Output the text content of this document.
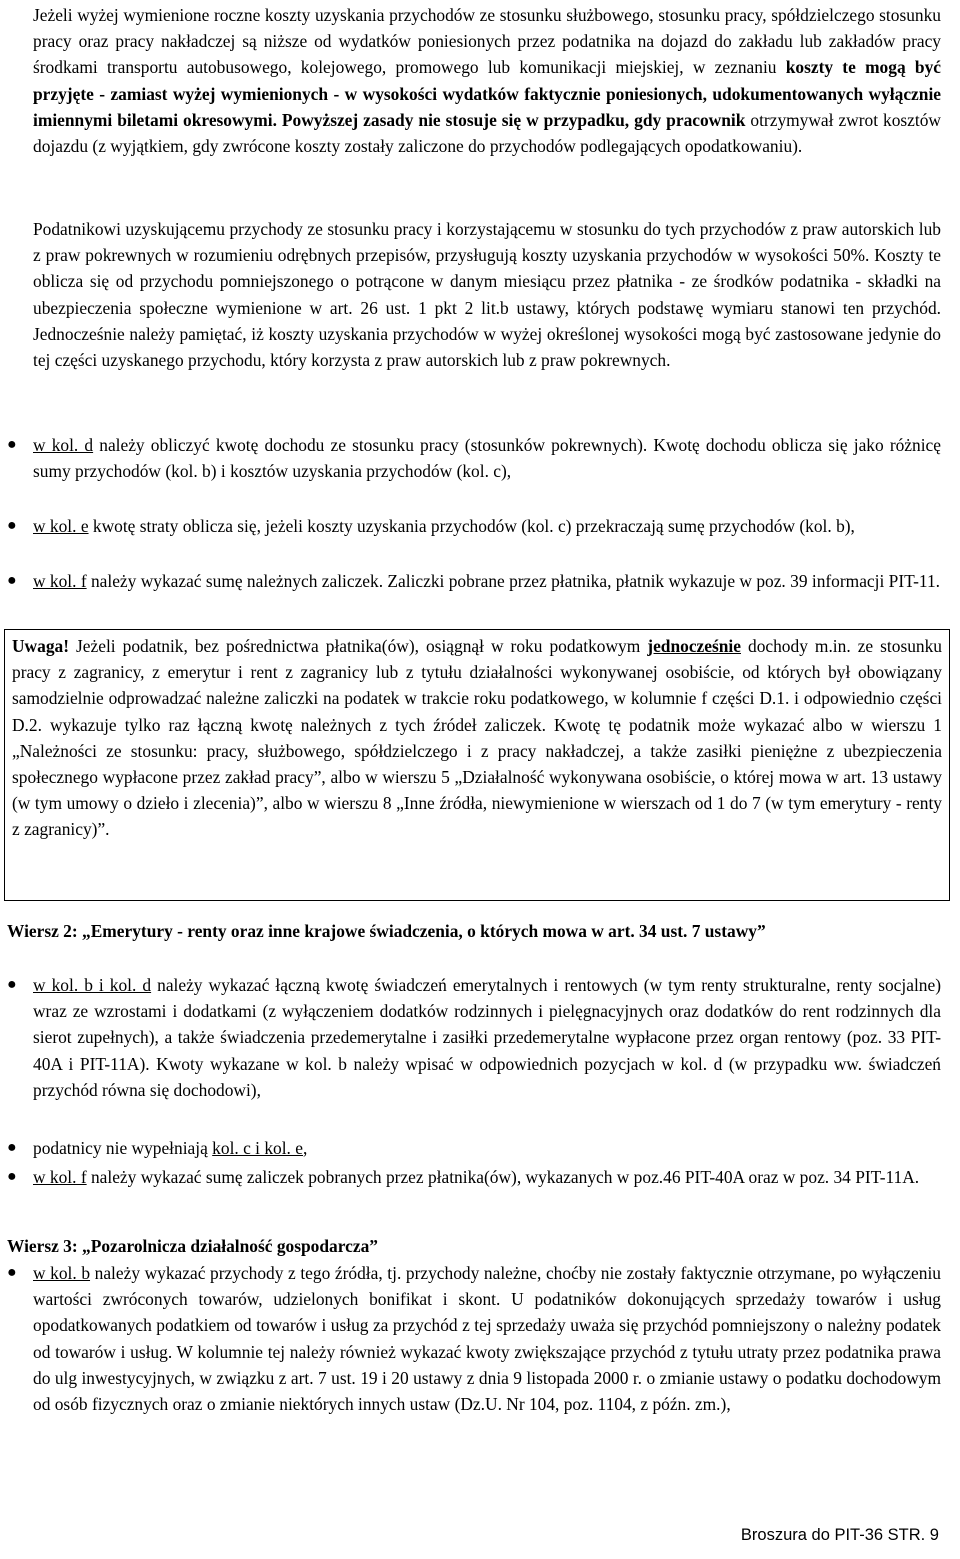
Jeżeli wyżej wymienione roczne koszty uzyskania przychodów ze stosunku służbowego, stosunku pracy, spółdzielczego stosunku pracy oraz pracy nakładczej są niższe od wydatków poniesionych przez podatnika na dojazd do zakładu lub zakładów pracy środkami transportu autobusowego, kolejowego, promowego lub komunikacji miejskiej, w zeznaniu koszty te mogą być przyjęte - zamiast wyżej wymienionych - w wysokości wydatków faktycznie poniesionych, udokumentowanych wyłącznie imiennymi biletami okresowymi. Powyższej zasady nie stosuje się w przypadku, gdy pracownik otrzymywał zwrot kosztów dojazdu (z wyjątkiem, gdy zwrócone koszty zostały zaliczone do przychodów podlegających opodatkowaniu).

Podatnikowi uzyskującemu przychody ze stosunku pracy i korzystającemu w stosunku do tych przychodów z praw autorskich lub z praw pokrewnych w rozumieniu odrębnych przepisów, przysługują koszty uzyskania przychodów w wysokości 50%. Koszty te oblicza się od przychodu pomniejszonego o potrącone w danym miesiącu przez płatnika - ze środków podatnika - składki na ubezpieczenia społeczne wymienione w art. 26 ust. 1 pkt 2 lit.b ustawy, których podstawę wymiaru stanowi ten przychód. Jednocześnie należy pamiętać, iż koszty uzyskania przychodów w wyżej określonej wysokości mogą być zastosowane jedynie do tej części uzyskanego przychodu, który korzysta z praw autorskich lub z praw pokrewnych.

● w kol. d należy obliczyć kwotę dochodu ze stosunku pracy (stosunków pokrewnych). Kwotę dochodu oblicza się jako różnicę sumy przychodów (kol. b) i kosztów uzyskania przychodów (kol. c),
● w kol. e kwotę straty oblicza się, jeżeli koszty uzyskania przychodów (kol. c) przekraczają sumę przychodów (kol. b),
● w kol. f należy wykazać sumę należnych zaliczek. Zaliczki pobrane przez płatnika, płatnik wykazuje w poz. 39 informacji PIT-11.

Uwaga! Jeżeli podatnik, bez pośrednictwa płatnika(ów), osiągnął w roku podatkowym jednocześnie dochody m.in. ze stosunku pracy z zagranicy, z emerytur i rent z zagranicy lub z tytułu działalności wykonywanej osobiście, od których był obowiązany samodzielnie odprowadzać należne zaliczki na podatek w trakcie roku podatkowego, w kolumnie f części D.1. i odpowiednio części D.2. wykazuje tylko raz łączną kwotę należnych z tych źródeł zaliczek. Kwotę tę podatnik może wykazać albo w wierszu 1 „Należności ze stosunku: pracy, służbowego, spółdzielczego i z pracy nakładczej, a także zasiłki pieniężne z ubezpieczenia społecznego wypłacone przez zakład pracy”, albo w wierszu 5 „Działalność wykonywana osobiście, o której mowa w art. 13 ustawy (w tym umowy o dzieło i zlecenia)”, albo w wierszu 8 „Inne źródła, niewymienione w wierszach od 1 do 7 (w tym emerytury - renty z zagranicy)”.

Wiersz 2: „Emerytury - renty oraz inne krajowe świadczenia, o których mowa w art. 34 ust. 7 ustawy”

● w kol. b i kol. d należy wykazać łączną kwotę świadczeń emerytalnych i rentowych (w tym renty strukturalne, renty socjalne) wraz ze wzrostami i dodatkami (z wyłączeniem dodatków rodzinnych i pielęgnacyjnych oraz dodatków do rent rodzinnych dla sierot zupełnych), a także świadczenia przedemerytalne i zasiłki przedemerytalne wypłacone przez organ rentowy (poz. 33 PIT-40A i PIT-11A). Kwoty wykazane w kol. b należy wpisać w odpowiednich pozycjach w kol. d (w przypadku ww. świadczeń przychód równa się dochodowi),
● podatnicy nie wypełniają kol. c i kol. e,
● w kol. f należy wykazać sumę zaliczek pobranych przez płatnika(ów), wykazanych w poz.46 PIT-40A oraz w poz. 34 PIT-11A.

Wiersz 3: „Pozarolnicza działalność gospodarcza”

● w kol. b należy wykazać przychody z tego źródła, tj. przychody należne, choćby nie zostały faktycznie otrzymane, po wyłączeniu wartości zwróconych towarów, udzielonych bonifikat i skont. U podatników dokonujących sprzedaży towarów i usług opodatkowanych podatkiem od towarów i usług za przychód z tej sprzedaży uważa się przychód pomniejszony o należny podatek od towarów i usług. W kolumnie tej należy również wykazać kwoty zwiększające przychód z tytułu utraty przez podatnika prawa do ulg inwestycyjnych, w związku z art. 7 ust. 19 i 20 ustawy z dnia 9 listopada 2000 r. o zmianie ustawy o podatku dochodowym od osób fizycznych oraz o zmianie niektórych innych ustaw (Dz.U. Nr 104, poz. 1104, z późn. zm.),
Broszura do PIT-36 STR. 9
